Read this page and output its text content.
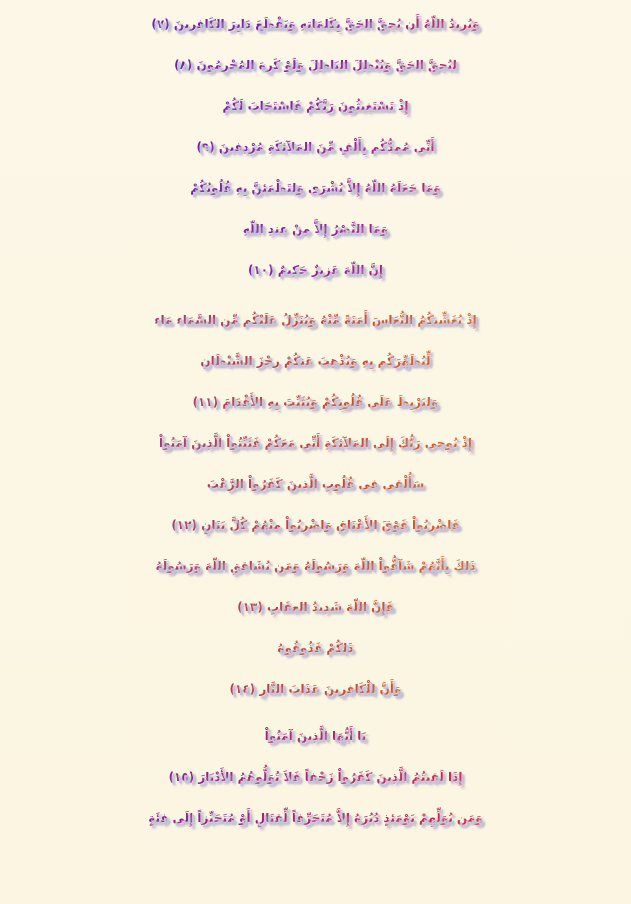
وَيُرِيدُ اللّهُ أَن يُحِقَّ الحَقَّ بِكَلِمَاتِهِ وَيَقْطَعَ دَابِرَ الكَافِرِينَ (٧)
لِيُحِقَّ الحَقَّ وَيُبْطِلَ البَاطِلَ وَلَوْ كَرِهَ المُجْرِمُونَ (٨)
إِذْ تَسْتَغِيثُونَ رَبَّكُمْ فَاسْتَجَابَ لَكُمْ
أَنِّي مُمِدُّكُم بِأَلْفٍ مِّنَ المَلآئِكَةِ مُرْدِفِينَ (٩)
وَمَا جَعَلَهُ اللّهُ إِلاَّ بُشْرَى وَلِتَطْمَئِنَّ بِهِ قُلُوبُكُمْ
وَمَا النَّصْرُ إِلاَّ مِنْ عِندِ اللّهِ
إِنَّ اللّهَ عَزِيزٌ حَكِيمٌ (١٠)
إِذْ يُغَشِّيكُمُ النُّعَاسَ أَمَنَةً مِّنْهُ وَيُنَزِّلُ عَلَيْكُم مِّن السَّمَاء مَاء
لِّيُطَهِّرَكُم بِهِ وَيُذْهِبَ عَنكُمْ رِجْزَ الشَّيْطَانِ
وَلِيَرْبِطَ عَلَى قُلُوبِكُمْ وَيُثَبِّتَ بِهِ الأَقْدَامَ (١١)
إِذْ يُوحِي رَبُّكَ إِلَى المَلآئِكَةِ أَنِّي مَعَكُمْ فَثَبِّتُواْ الَّذِينَ آمَنُواْ
سَأُلْقِي فِي قُلُوبِ الَّذِينَ كَفَرُواْ الرَّعْبَ
فَاضْرِبُواْ فَوْقَ الأَعْنَاقِ وَاضْرِبُواْ مِنْهُمْ كُلَّ بَنَانٍ (١٢)
ذَلِكَ بِأَنَّهُمْ شَآقُّواْ اللّهَ وَرَسُولَهُ وَمَن يُشَاقِقِ اللّهَ وَرَسُولَهُ
فَإِنَّ اللّهَ شَدِيدُ العِقَابِ (١٣)
ذَلِكُمْ فَذُوقُوهُ
وَأَنَّ لِلْكَافِرِينَ عَذَابَ النَّارِ (١٤)
يَا أَيُّهَا الَّذِينَ آمَنُواْ
إِذَا لَقِيتُمُ الَّذِينَ كَفَرُواْ زَحْفاً فَلاَ تُوَلُّوهُمُ الأَدْبَارَ (١٥)
وَمَن يُوَلِّهِمْ يَوْمَئِذٍ دُبُرَهُ إِلاَّ مُتَحَرِّفاً لِّقِتَالٍ أَوْ مُتَحَيِّزاً إِلَى فِئَةٍ
